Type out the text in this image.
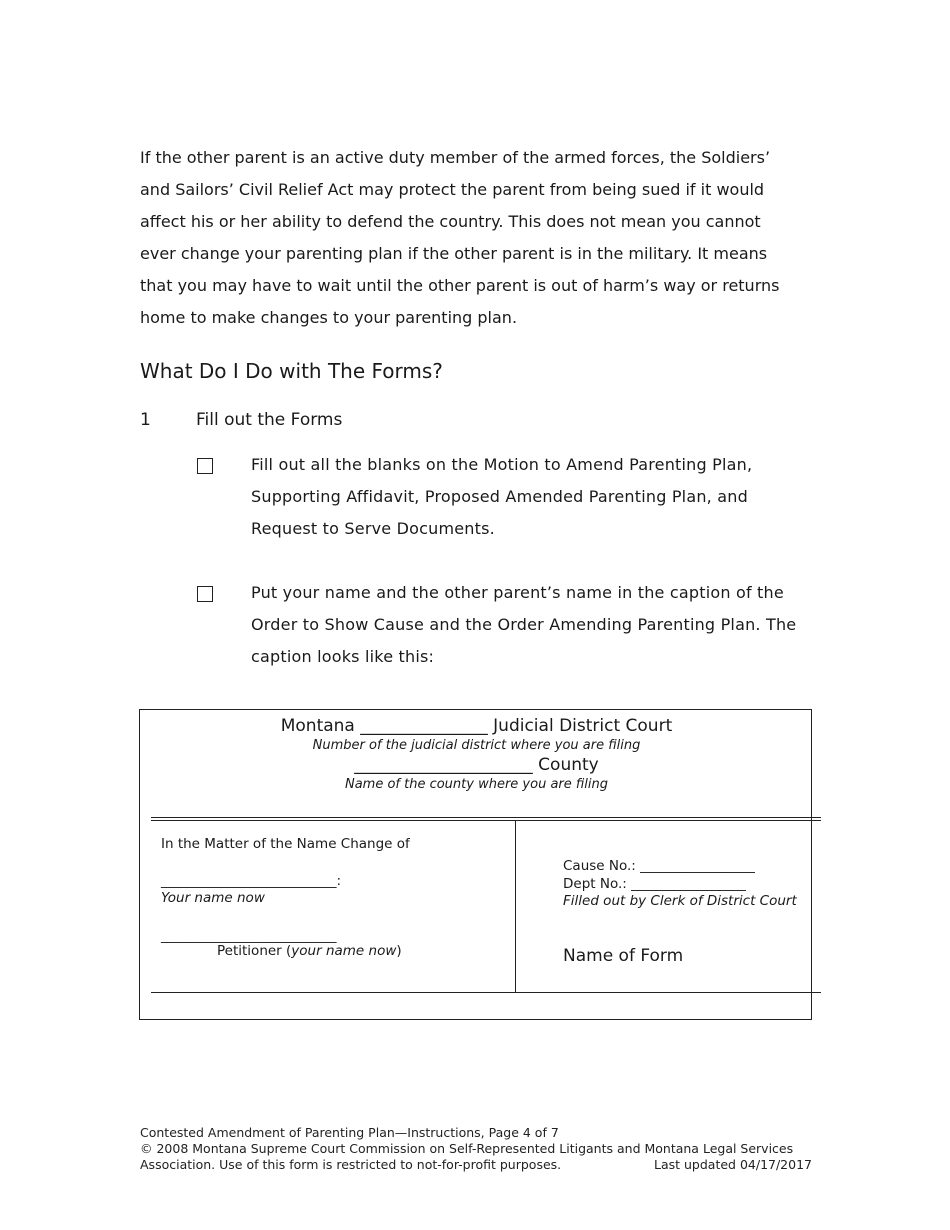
If the other parent is an active duty member of the armed forces, the Soldiers’ and Sailors’ Civil Relief Act may protect the parent from being sued if it would affect his or her ability to defend the country. This does not mean you cannot ever change your parenting plan if the other parent is in the military. It means that you may have to wait until the other parent is out of harm’s way or returns home to make changes to your parenting plan.

What Do I Do with The Forms?
1	Fill out the Forms

Fill out all the blanks on the Motion to Amend Parenting Plan, Supporting Affidavit, Proposed Amended Parenting Plan, and Request to Serve Documents.

Put your name and the other parent’s name in the caption of the Order to Show Cause and the Order Amending Parenting Plan. The caption looks like this:

Montana _______________ Judicial District Court
Number of the judicial district where you are filing
_____________________ County
Name of the county where you are filing
In the Matter of the Name Change of
__________________________:
Your name now
__________________________
Petitioner (your name now)
Cause No.: _________________
Dept No.: _________________
Filled out by Clerk of District Court
Name of Form
Contested Amendment of Parenting Plan—Instructions, Page 4 of 7
© 2008 Montana Supreme Court Commission on Self-Represented Litigants and Montana Legal Services
Association. Use of this form is restricted to not-for-profit purposes.	Last updated 04/17/2017
